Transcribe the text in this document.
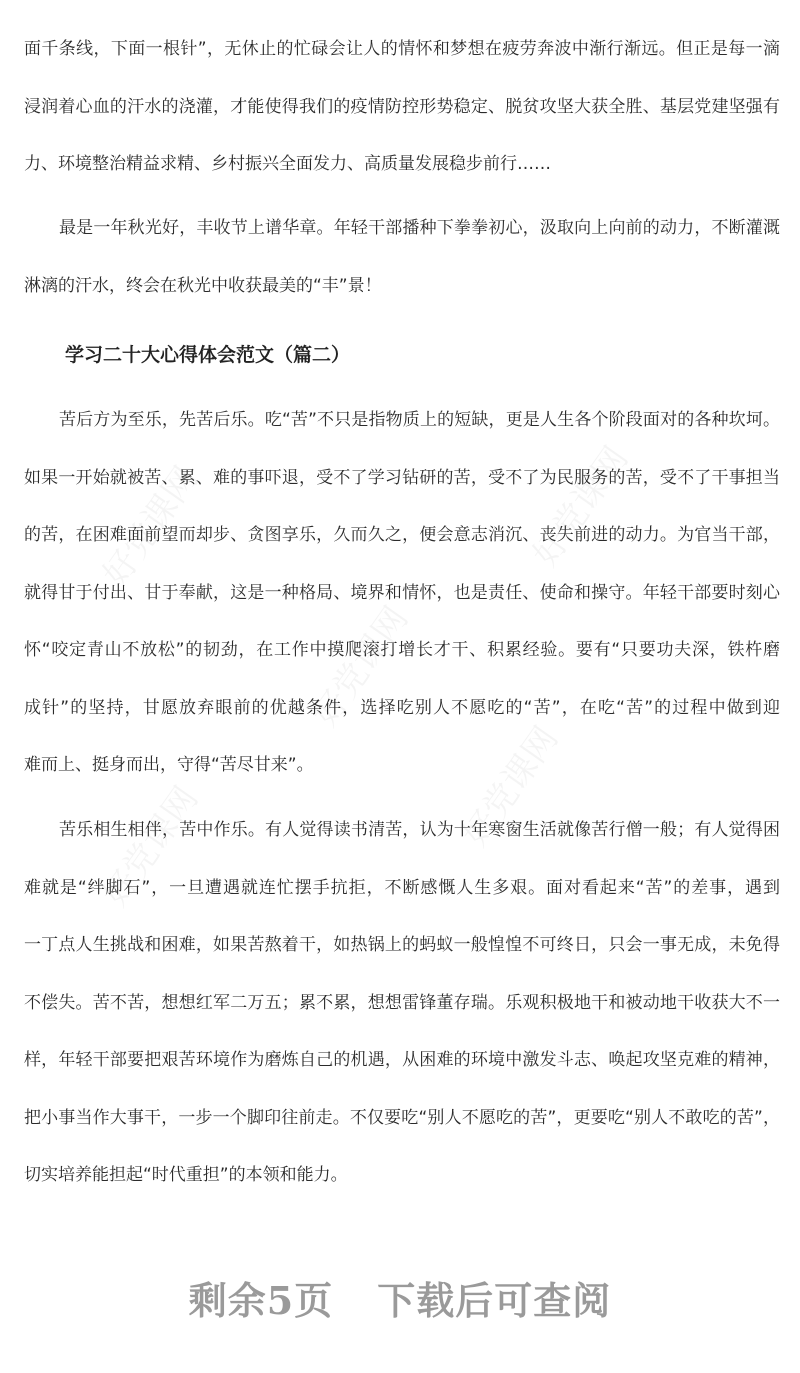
面千条线，下面一根针”，无休止的忙碌会让人的情怀和梦想在疲劳奔波中渐行渐远。但正是每一滴
浸润着心血的汗水的浇灌，才能使得我们的疫情防控形势稳定、脱贫攻坚大获全胜、基层党建坚强有
力、环境整治精益求精、乡村振兴全面发力、高质量发展稳步前行……
最是一年秋光好，丰收节上谱华章。年轻干部播种下拳拳初心，汲取向上向前的动力，不断灌溉
淋漓的汗水，终会在秋光中收获最美的“丰”景！
学习二十大心得体会范文（篇二）
苦后方为至乐，先苦后乐。吃“苦”不只是指物质上的短缺，更是人生各个阶段面对的各种坎坷。
如果一开始就被苦、累、难的事吓退，受不了学习钻研的苦，受不了为民服务的苦，受不了干事担当
的苦，在困难面前望而却步、贪图享乐，久而久之，便会意志消沉、丧失前进的动力。为官当干部，
就得甘于付出、甘于奉献，这是一种格局、境界和情怀，也是责任、使命和操守。年轻干部要时刻心
怀“咬定青山不放松”的韧劲，在工作中摸爬滚打增长才干、积累经验。要有“只要功夫深，铁杵磨
成针”的坚持，甘愿放弃眼前的优越条件，选择吃别人不愿吃的“苦”，在吃“苦”的过程中做到迎
难而上、挺身而出，守得“苦尽甘来”。
苦乐相生相伴，苦中作乐。有人觉得读书清苦，认为十年寒窗生活就像苦行僧一般；有人觉得困
难就是“绊脚石”，一旦遭遇就连忙摆手抗拒，不断感慨人生多艰。面对看起来“苦”的差事，遇到
一丁点人生挑战和困难，如果苦熬着干，如热锅上的蚂蚁一般惶惶不可终日，只会一事无成，未免得
不偿失。苦不苦，想想红军二万五；累不累，想想雷锋董存瑞。乐观积极地干和被动地干收获大不一
样，年轻干部要把艰苦环境作为磨炼自己的机遇，从困难的环境中激发斗志、唤起攻坚克难的精神，
把小事当作大事干，一步一个脚印往前走。不仅要吃“别人不愿吃的苦”，更要吃“别人不敢吃的苦”，
切实培养能担起“时代重担”的本领和能力。
剩余5页 下载后可查阅
